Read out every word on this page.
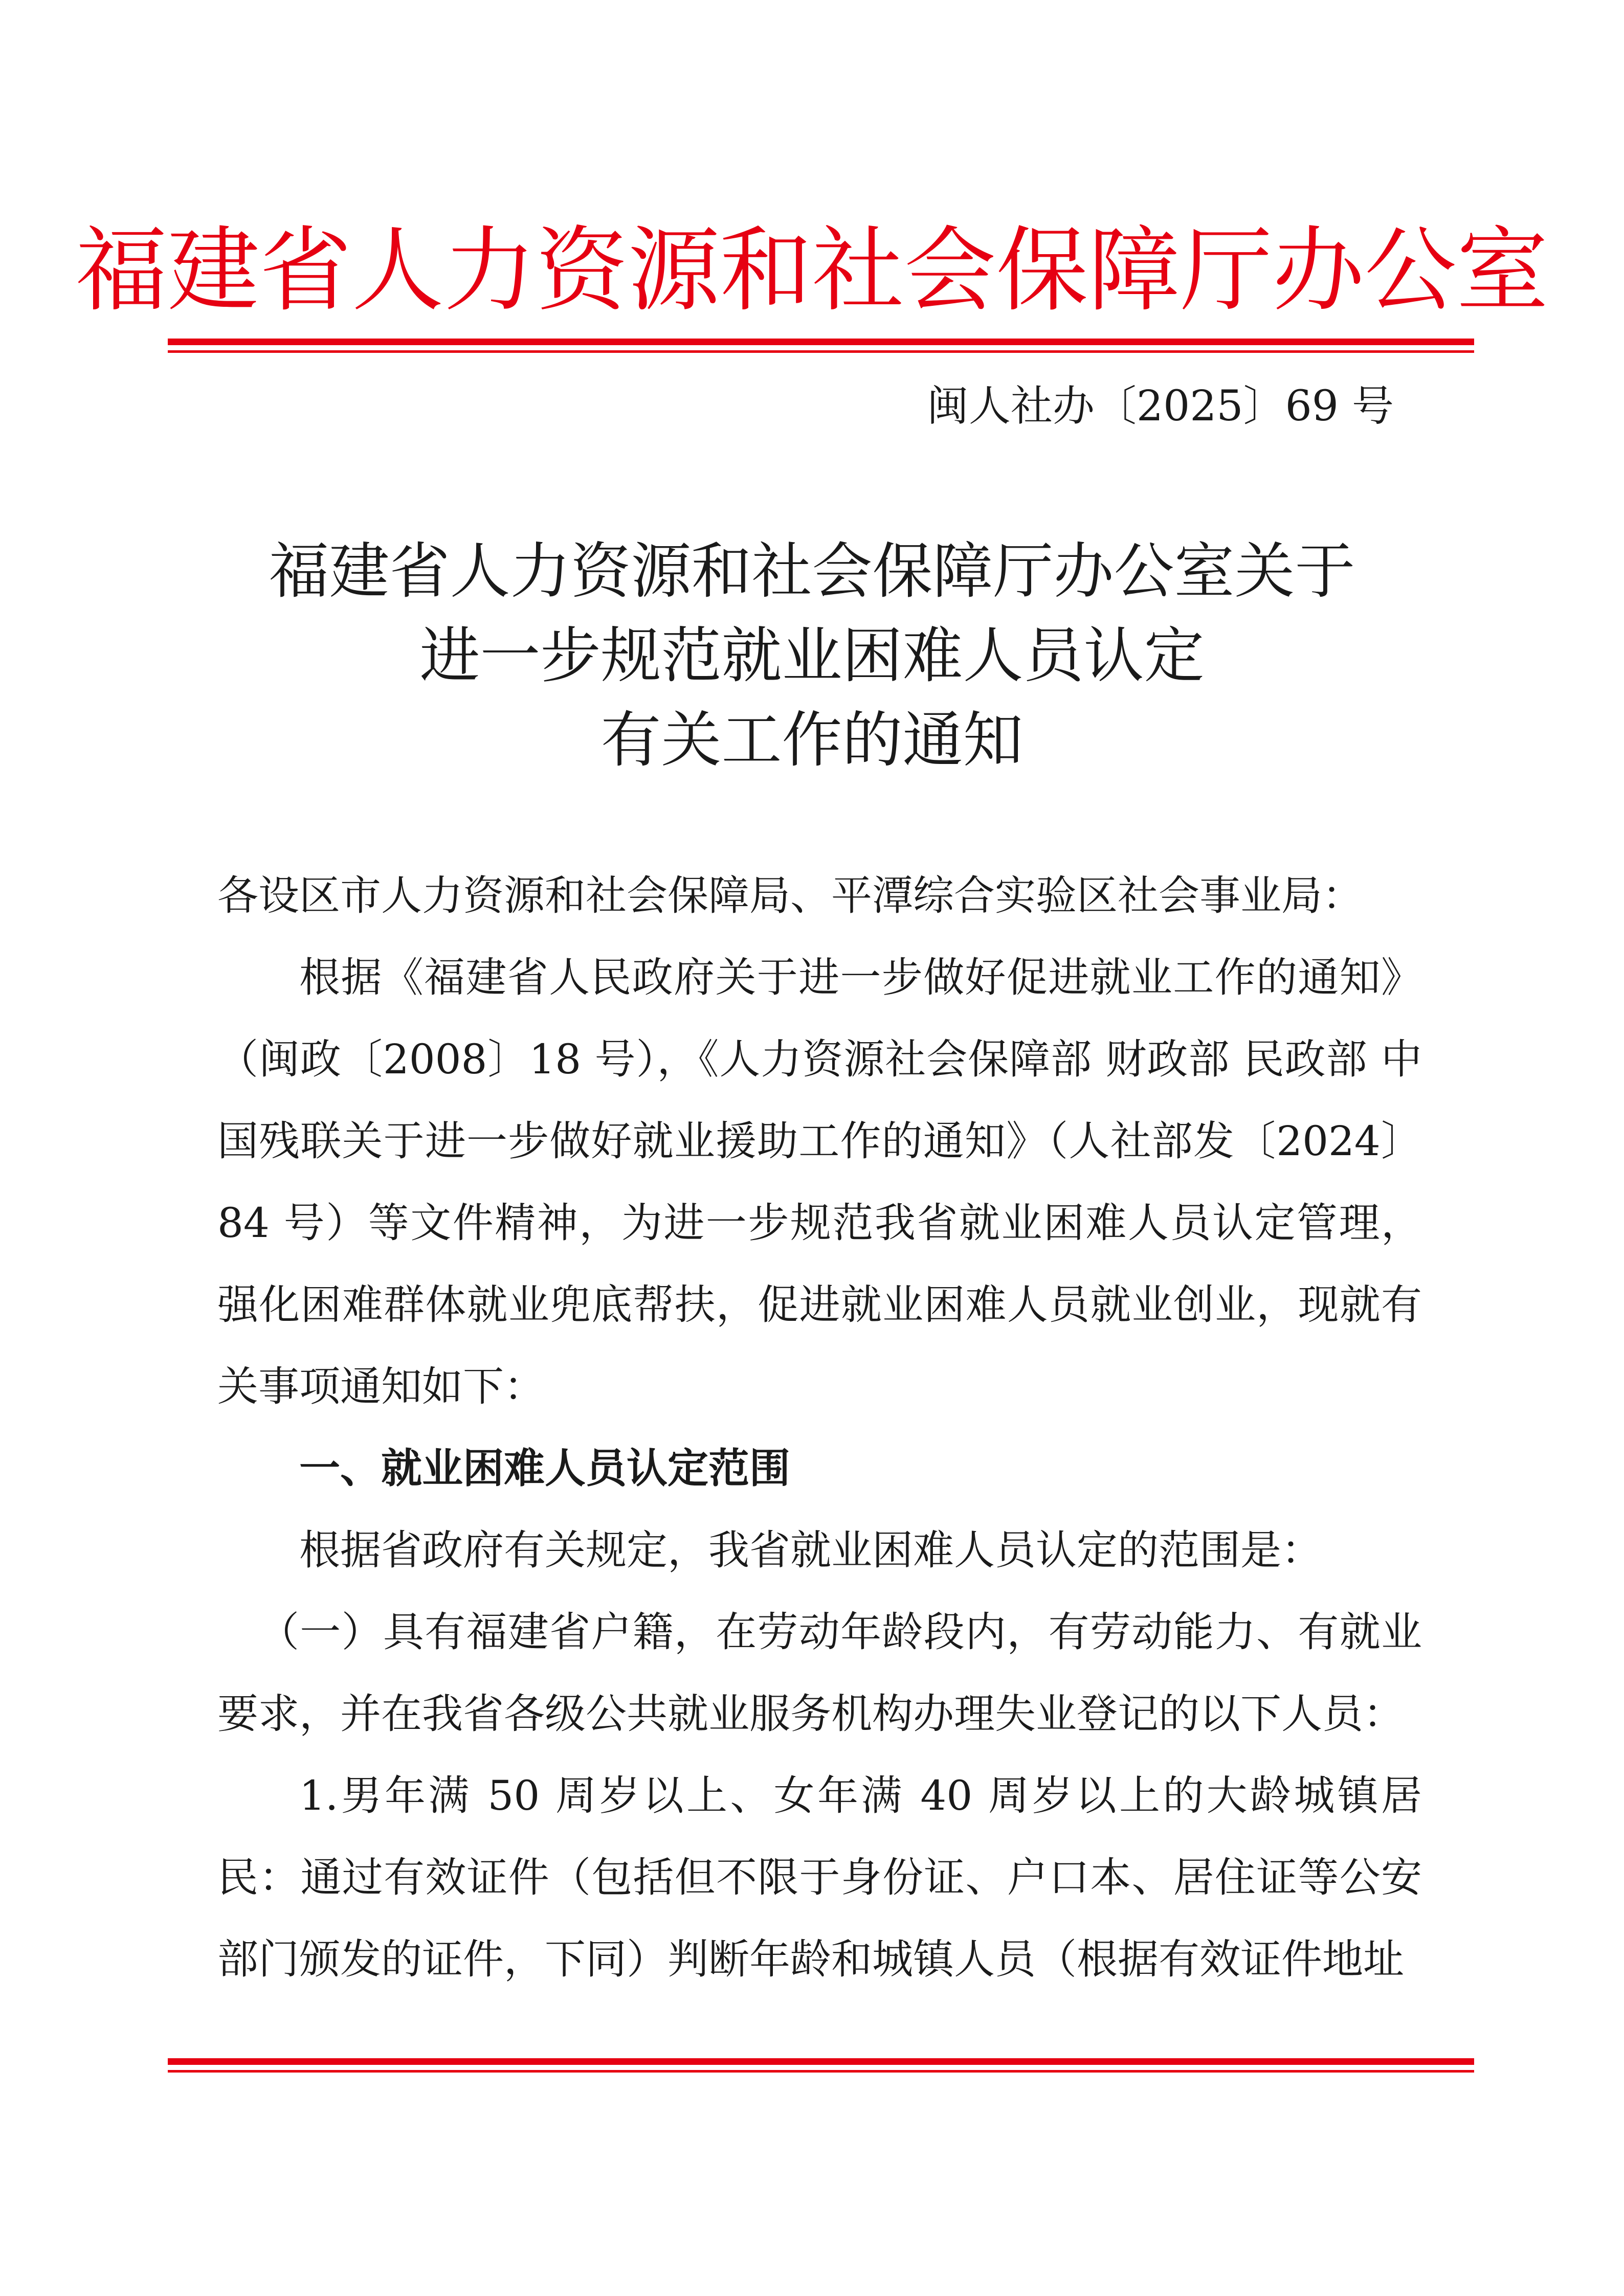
福建省人力资源和社会保障厅办公室
闽人社办〔2025〕69 号
福建省人力资源和社会保障厅办公室关于
进一步规范就业困难人员认定
有关工作的通知

各设区市人力资源和社会保障局、平潭综合实验区社会事业局：

根据《福建省人民政府关于进一步做好促进就业工作的通知》（闽政〔2008〕18 号），《人力资源社会保障部 财政部 民政部 中国残联关于进一步做好就业援助工作的通知》（人社部发〔2024〕84 号）等文件精神，为进一步规范我省就业困难人员认定管理，强化困难群体就业兜底帮扶，促进就业困难人员就业创业，现就有关事项通知如下：

一、就业困难人员认定范围

根据省政府有关规定，我省就业困难人员认定的范围是：

（一）具有福建省户籍，在劳动年龄段内，有劳动能力、有就业要求，并在我省各级公共就业服务机构办理失业登记的以下人员：

1.男年满 50 周岁以上、女年满 40 周岁以上的大龄城镇居民：通过有效证件（包括但不限于身份证、户口本、居住证等公安部门颁发的证件，下同）判断年龄和城镇人员（根据有效证件地址
